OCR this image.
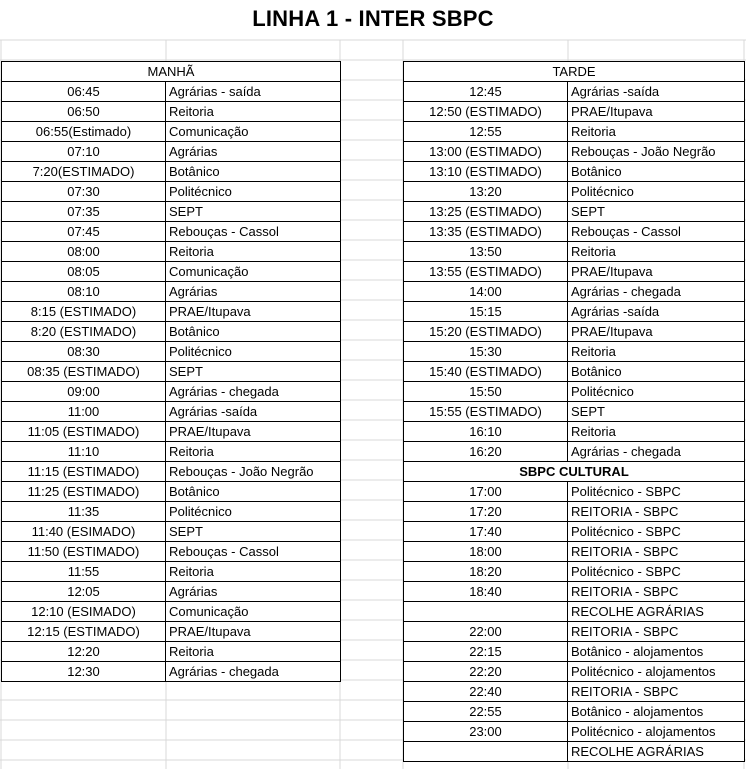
LINHA 1 - INTER SBPC
MANHÃ	
06:45	Agrárias - saída
06:50	Reitoria
06:55(Estimado)	Comunicação
07:10	Agrárias
7:20(ESTIMADO)	Botânico
07:30	Politécnico
07:35	SEPT
07:45	Rebouças - Cassol
08:00	Reitoria
08:05	Comunicação
08:10	Agrárias
8:15 (ESTIMADO)	PRAE/Itupava
8:20 (ESTIMADO)	Botânico
08:30	Politécnico
08:35 (ESTIMADO)	SEPT
09:00	Agrárias - chegada
11:00	Agrárias -saída
11:05 (ESTIMADO)	PRAE/Itupava
11:10	Reitoria
11:15 (ESTIMADO)	Rebouças - João Negrão
11:25 (ESTIMADO)	Botânico
11:35	Politécnico
11:40 (ESIMADO)	SEPT
11:50 (ESTIMADO)	Rebouças - Cassol
11:55	Reitoria
12:05	Agrárias
12:10 (ESIMADO)	Comunicação
12:15 (ESTIMADO)	PRAE/Itupava
12:20	Reitoria
12:30	Agrárias - chegada
TARDE	
12:45	Agrárias -saída
12:50 (ESTIMADO)	PRAE/Itupava
12:55	Reitoria
13:00 (ESTIMADO)	Rebouças - João Negrão
13:10 (ESTIMADO)	Botânico
13:20	Politécnico
13:25 (ESTIMADO)	SEPT
13:35 (ESTIMADO)	Rebouças - Cassol
13:50	Reitoria
13:55 (ESTIMADO)	PRAE/Itupava
14:00	Agrárias - chegada
15:15	Agrárias -saída
15:20 (ESTIMADO)	PRAE/Itupava
15:30	Reitoria
15:40 (ESTIMADO)	Botânico
15:50	Politécnico
15:55 (ESTIMADO)	SEPT
16:10	Reitoria
16:20	Agrárias - chegada
SBPC CULTURAL	
17:00	Politécnico - SBPC
17:20	REITORIA - SBPC
17:40	Politécnico - SBPC
18:00	REITORIA - SBPC
18:20	Politécnico - SBPC
18:40	REITORIA - SBPC
	RECOLHE AGRÁRIAS
22:00	REITORIA - SBPC
22:15	Botânico - alojamentos
22:20	Politécnico - alojamentos
22:40	REITORIA - SBPC
22:55	Botânico - alojamentos
23:00	Politécnico - alojamentos
	RECOLHE AGRÁRIAS
